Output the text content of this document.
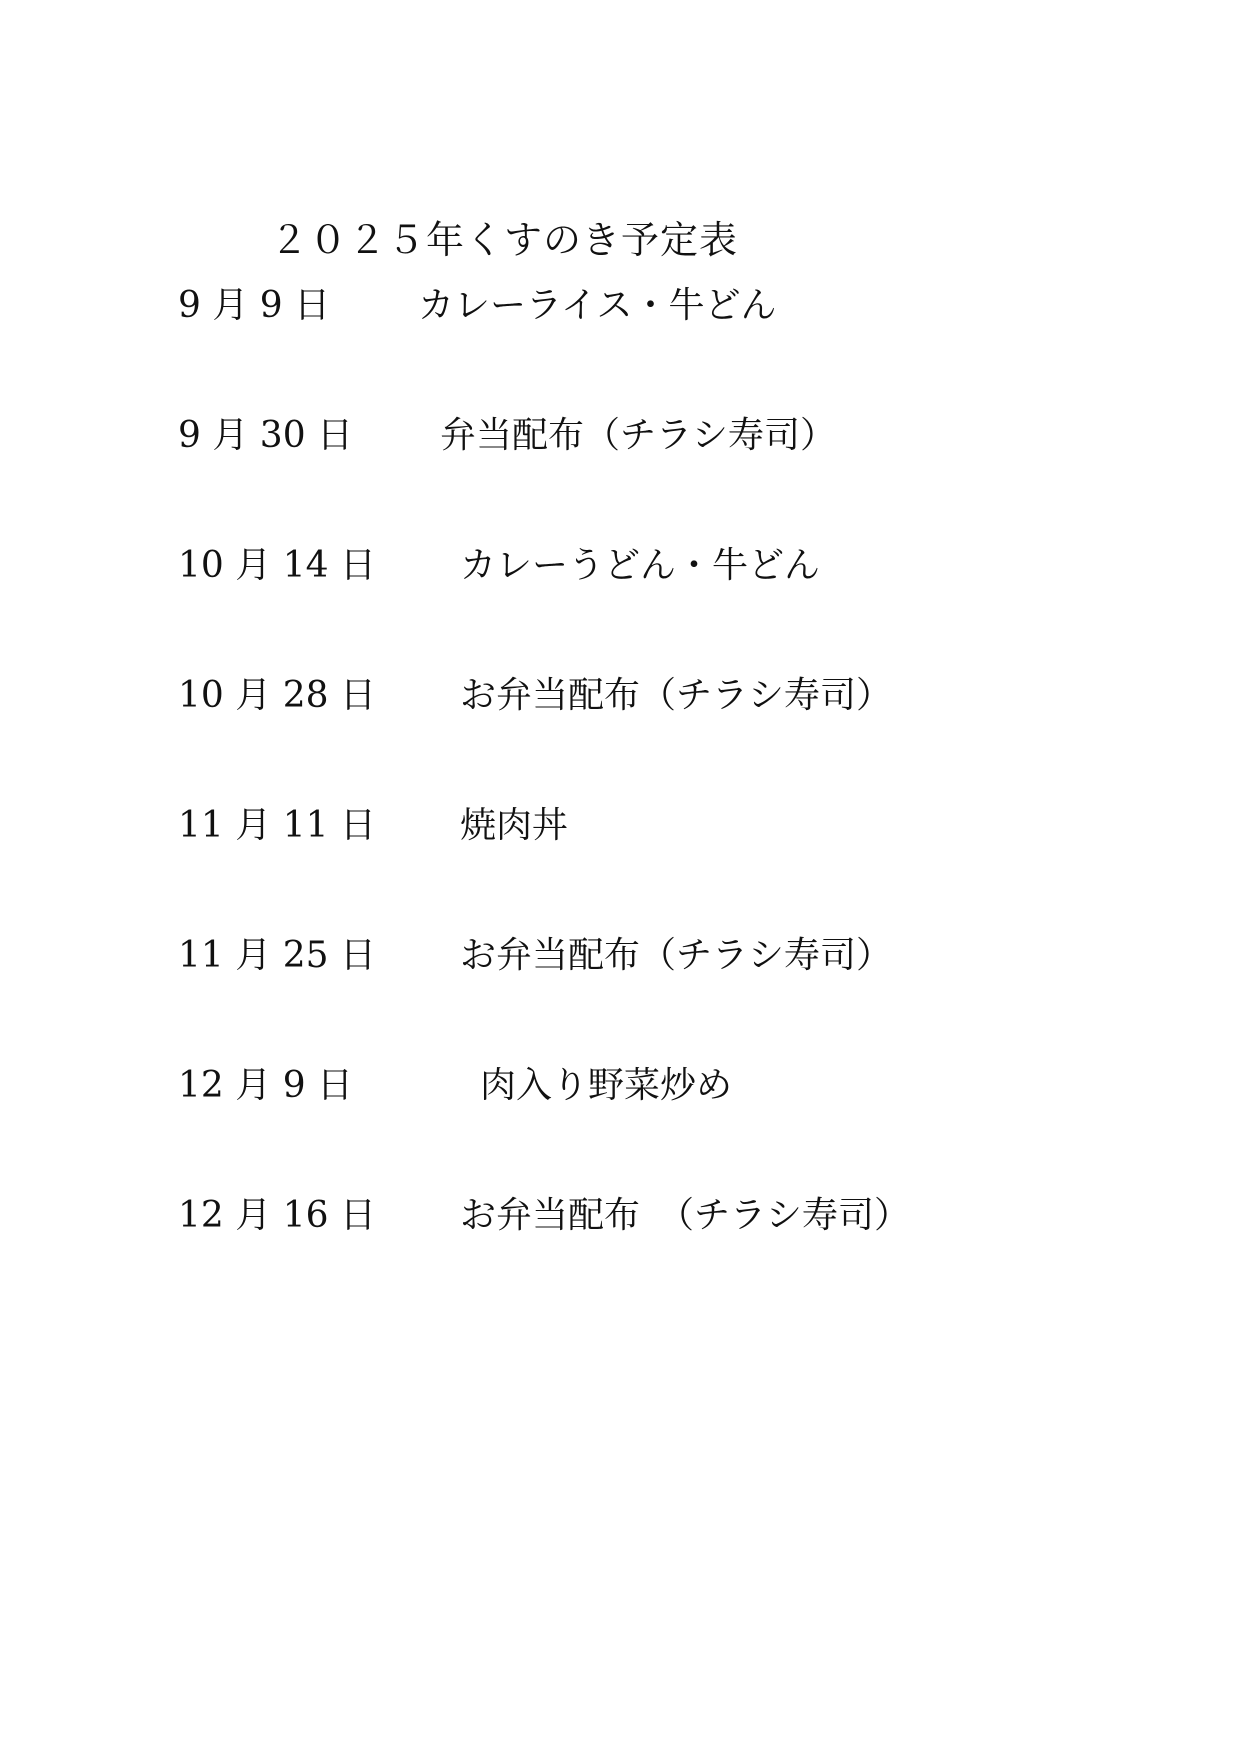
２０２５年くすのき予定表
9 月 9 日 カレーライス・牛どん
9 月 30 日 弁当配布（チラシ寿司）
10 月 14 日 カレーうどん・牛どん
10 月 28 日 お弁当配布（チラシ寿司）
11 月 11 日 焼肉丼
11 月 25 日 お弁当配布（チラシ寿司）
12 月 9 日	肉入り野菜炒め
12 月 16 日 お弁当配布　（チラシ寿司）
